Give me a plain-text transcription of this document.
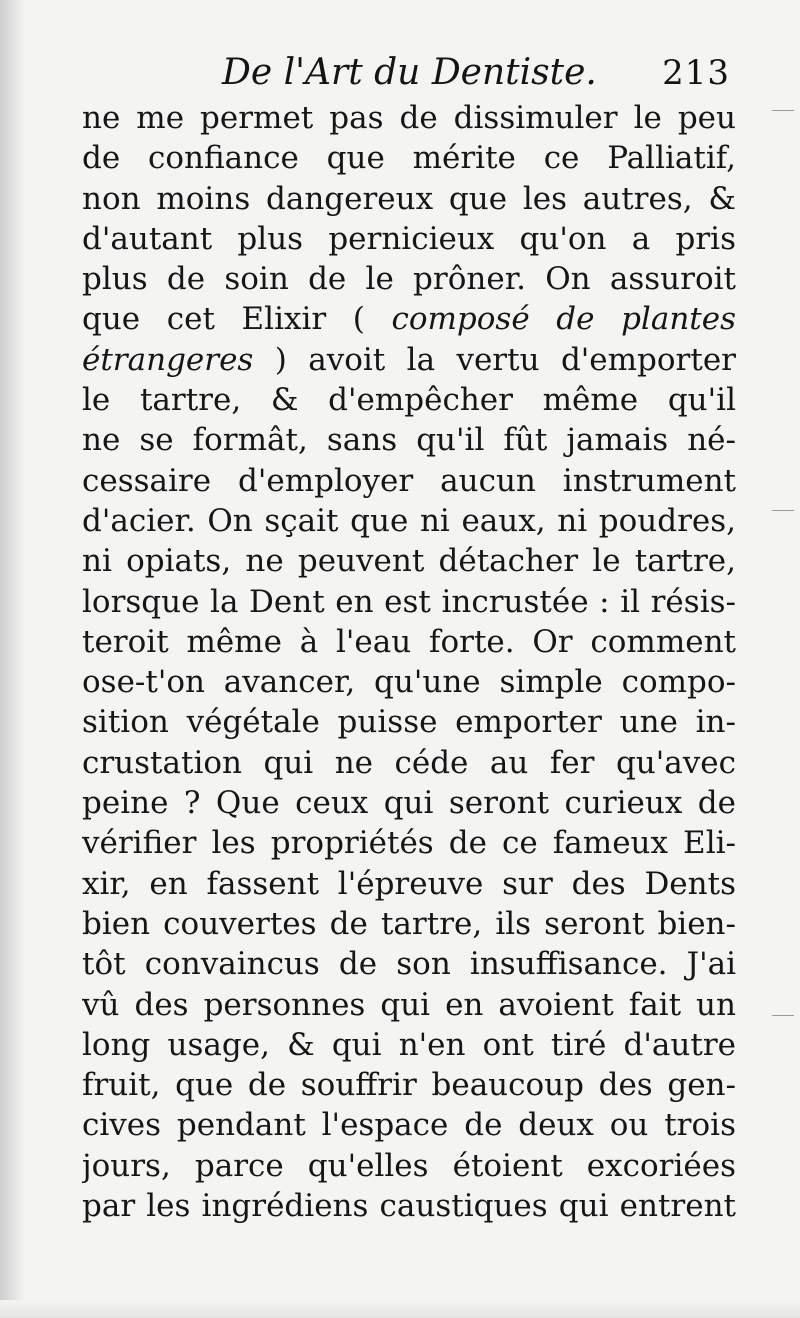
De l'Art du Dentiste. 213
ne me permet pas de dissimuler le peu
de confiance que mérite ce Palliatif,
non moins dangereux que les autres, &
d'autant plus pernicieux qu'on a pris
plus de soin de le prôner. On assuroit
que cet Elixir ( composé de plantes
étrangeres ) avoit la vertu d'emporter
le tartre, & d'empêcher même qu'il
ne se formât, sans qu'il fût jamais né-
cessaire d'employer aucun instrument
d'acier. On sçait que ni eaux, ni poudres,
ni opiats, ne peuvent détacher le tartre,
lorsque la Dent en est incrustée : il résis-
teroit même à l'eau forte. Or comment
ose-t'on avancer, qu'une simple compo-
sition végétale puisse emporter une in-
crustation qui ne céde au fer qu'avec
peine ? Que ceux qui seront curieux de
vérifier les propriétés de ce fameux Eli-
xir, en fassent l'épreuve sur des Dents
bien couvertes de tartre, ils seront bien-
tôt convaincus de son insuffisance. J'ai
vû des personnes qui en avoient fait un
long usage, & qui n'en ont tiré d'autre
fruit, que de souffrir beaucoup des gen-
cives pendant l'espace de deux ou trois
jours, parce qu'elles étoient excoriées
par les ingrédiens caustiques qui entrent
